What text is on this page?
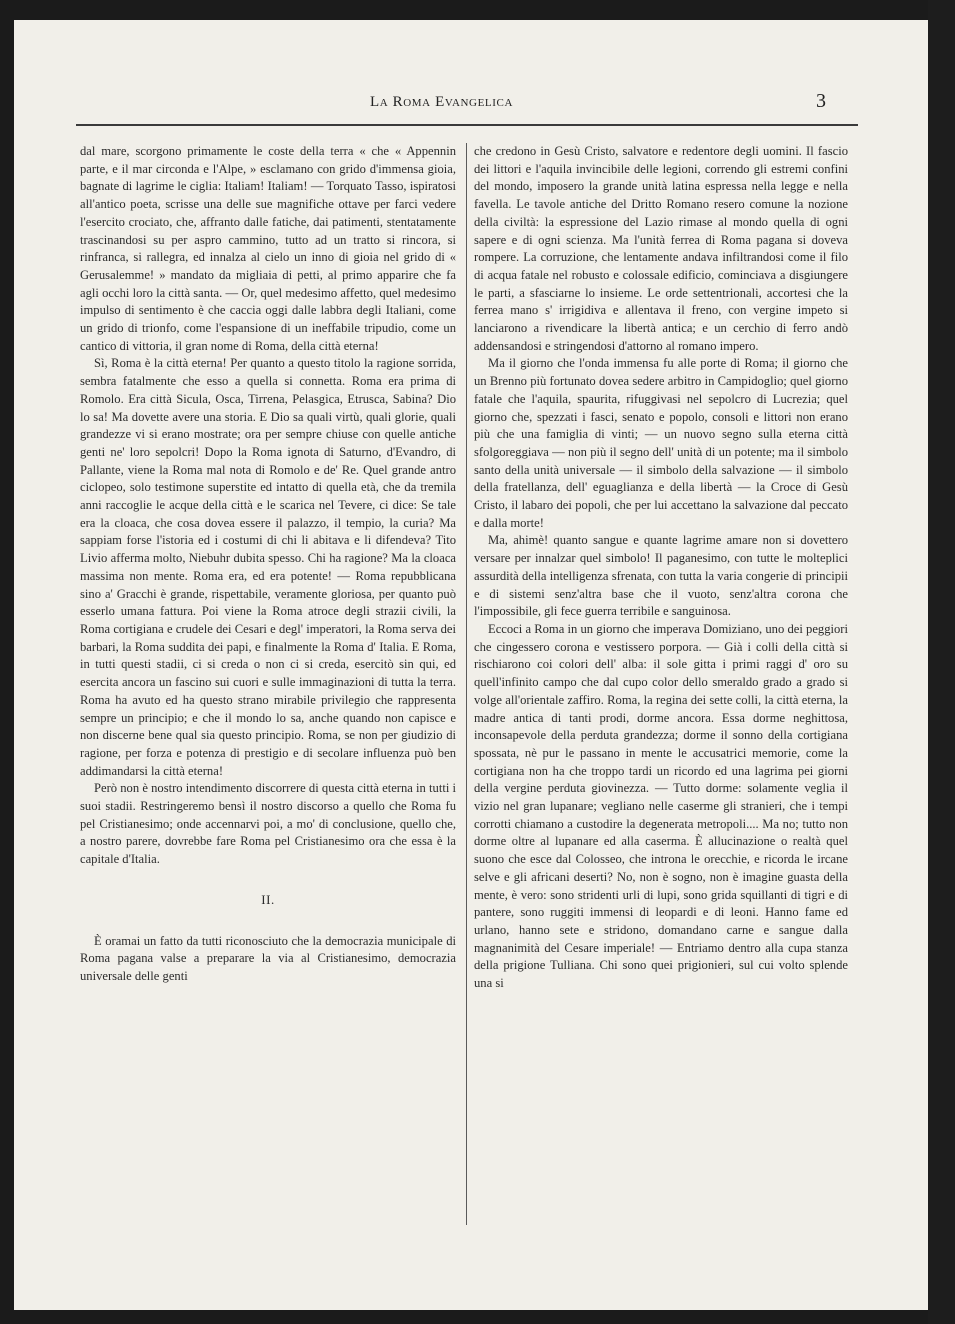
La Roma Evangelica	3

dal mare, scorgono primamente le coste della terra « che « Appennin parte, e il mar circonda e l'Alpe, » esclamano con grido d'immensa gioia, bagnate di lagrime le ciglia: Italiam! Italiam! — Torquato Tasso, ispiratosi all'antico poeta, scrisse una delle sue magnifiche ottave per farci vedere l'esercito crociato, che, affranto dalle fatiche, dai patimenti, stentatamente trascinandosi su per aspro cammino, tutto ad un tratto si rincora, si rinfranca, si rallegra, ed innalza al cielo un inno di gioia nel grido di « Gerusalemme! » mandato da migliaia di petti, al primo apparire che fa agli occhi loro la città santa. — Or, quel medesimo affetto, quel medesimo impulso di sentimento è che caccia oggi dalle labbra degli Italiani, come un grido di trionfo, come l'espansione di un ineffabile tripudio, come un cantico di vittoria, il gran nome di Roma, della città eterna!

Sì, Roma è la città eterna! Per quanto a questo titolo la ragione sorrida, sembra fatalmente che esso a quella si connetta. Roma era prima di Romolo. Era città Sicula, Osca, Tirrena, Pelasgica, Etrusca, Sabina? Dio lo sa! Ma dovette avere una storia. E Dio sa quali virtù, quali glorie, quali grandezze vi si erano mostrate; ora per sempre chiuse con quelle antiche genti ne' loro sepolcri! Dopo la Roma ignota di Saturno, d'Evandro, di Pallante, viene la Roma mal nota di Romolo e de' Re. Quel grande antro ciclopeo, solo testimone superstite ed intatto di quella età, che da tremila anni raccoglie le acque della città e le scarica nel Tevere, ci dice: Se tale era la cloaca, che cosa dovea essere il palazzo, il tempio, la curia? Ma sappiam forse l'istoria ed i costumi di chi li abitava e li difendeva? Tito Livio afferma molto, Niebuhr dubita spesso. Chi ha ragione? Ma la cloaca massima non mente. Roma era, ed era potente! — Roma repubblicana sino a' Gracchi è grande, rispettabile, veramente gloriosa, per quanto può esserlo umana fattura. Poi viene la Roma atroce degli strazii civili, la Roma cortigiana e crudele dei Cesari e degl' imperatori, la Roma serva dei barbari, la Roma suddita dei papi, e finalmente la Roma d' Italia. E Roma, in tutti questi stadii, ci si creda o non ci si creda, esercitò sin qui, ed esercita ancora un fascino sui cuori e sulle immaginazioni di tutta la terra. Roma ha avuto ed ha questo strano mirabile privilegio che rappresenta sempre un principio; e che il mondo lo sa, anche quando non capisce e non discerne bene qual sia questo principio. Roma, se non per giudizio di ragione, per forza e potenza di prestigio e di secolare influenza può ben addimandarsi la città eterna!

Però non è nostro intendimento discorrere di questa città eterna in tutti i suoi stadii. Restringeremo bensì il nostro discorso a quello che Roma fu pel Cristianesimo; onde accennarvi poi, a mo' di conclusione, quello che, a nostro parere, dovrebbe fare Roma pel Cristianesimo ora che essa è la capitale d'Italia.

II.

È oramai un fatto da tutti riconosciuto che la democrazia municipale di Roma pagana valse a preparare la via al Cristianesimo, democrazia universale delle genti

che credono in Gesù Cristo, salvatore e redentore degli uomini. Il fascio dei littori e l'aquila invincibile delle legioni, correndo gli estremi confini del mondo, imposero la grande unità latina espressa nella legge e nella favella. Le tavole antiche del Dritto Romano resero comune la nozione della civiltà: la espressione del Lazio rimase al mondo quella di ogni sapere e di ogni scienza. Ma l'unità ferrea di Roma pagana si doveva rompere. La corruzione, che lentamente andava infiltrandosi come il filo di acqua fatale nel robusto e colossale edificio, cominciava a disgiungere le parti, a sfasciarne lo insieme. Le orde settentrionali, accortesi che la ferrea mano s' irrigidiva e allentava il freno, con vergine impeto si lanciarono a rivendicare la libertà antica; e un cerchio di ferro andò addensandosi e stringendosi d'attorno al romano impero.

Ma il giorno che l'onda immensa fu alle porte di Roma; il giorno che un Brenno più fortunato dovea sedere arbitro in Campidoglio; quel giorno fatale che l'aquila, spaurita, rifuggivasi nel sepolcro di Lucrezia; quel giorno che, spezzati i fasci, senato e popolo, consoli e littori non erano più che una famiglia di vinti; — un nuovo segno sulla eterna città sfolgoreggiava — non più il segno dell' unità di un potente; ma il simbolo santo della unità universale — il simbolo della salvazione — il simbolo della fratellanza, dell' eguaglianza e della libertà — la Croce di Gesù Cristo, il labaro dei popoli, che per lui accettano la salvazione dal peccato e dalla morte!

Ma, ahimè! quanto sangue e quante lagrime amare non si dovettero versare per innalzar quel simbolo! Il paganesimo, con tutte le molteplici assurdità della intelligenza sfrenata, con tutta la varia congerie di principii e di sistemi senz'altra base che il vuoto, senz'altra corona che l'impossibile, gli fece guerra terribile e sanguinosa.

Eccoci a Roma in un giorno che imperava Domiziano, uno dei peggiori che cingessero corona e vestissero porpora. — Già i colli della città si rischiarono coi colori dell' alba: il sole gitta i primi raggi d' oro su quell'infinito campo che dal cupo color dello smeraldo grado a grado si volge all'orientale zaffiro. Roma, la regina dei sette colli, la città eterna, la madre antica di tanti prodi, dorme ancora. Essa dorme neghittosa, inconsapevole della perduta grandezza; dorme il sonno della cortigiana spossata, nè pur le passano in mente le accusatrici memorie, come la cortigiana non ha che troppo tardi un ricordo ed una lagrima pei giorni della vergine perduta giovinezza. — Tutto dorme: solamente veglia il vizio nel gran lupanare; vegliano nelle caserme gli stranieri, che i tempi corrotti chiamano a custodire la degenerata metropoli.... Ma no; tutto non dorme oltre al lupanare ed alla caserma. È allucinazione o realtà quel suono che esce dal Colosseo, che introna le orecchie, e ricorda le ircane selve e gli africani deserti? No, non è sogno, non è imagine guasta della mente, è vero: sono stridenti urli di lupi, sono grida squillanti di tigri e di pantere, sono ruggiti immensi di leopardi e di leoni. Hanno fame ed urlano, hanno sete e stridono, domandano carne e sangue dalla magnanimità del Cesare imperiale! — Entriamo dentro alla cupa stanza della prigione Tulliana. Chi sono quei prigionieri, sul cui volto splende una si
